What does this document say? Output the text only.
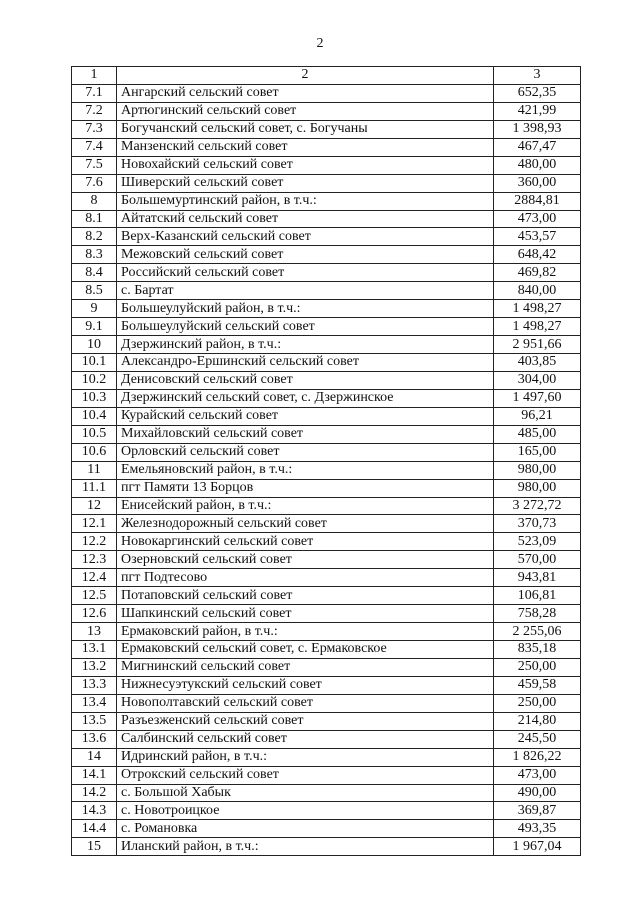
2
1	2	3
7.1	Ангарский сельский совет	652,35
7.2	Артюгинский сельский совет	421,99
7.3	Богучанский сельский совет, с. Богучаны	1 398,93
7.4	Манзенский сельский совет	467,47
7.5	Новохайский сельский совет	480,00
7.6	Шиверский сельский совет	360,00
8	Большемуртинский район, в т.ч.:	2884,81
8.1	Айтатский сельский совет	473,00
8.2	Верх-Казанский сельский совет	453,57
8.3	Межовский сельский совет	648,42
8.4	Российский сельский совет	469,82
8.5	с. Бартат	840,00
9	Большеулуйский район, в т.ч.:	1 498,27
9.1	Большеулуйский сельский совет	1 498,27
10	Дзержинский район, в т.ч.:	2 951,66
10.1	Александро-Ершинский сельский совет	403,85
10.2	Денисовский сельский совет	304,00
10.3	Дзержинский сельский совет, с. Дзержинское	1 497,60
10.4	Курайский сельский совет	96,21
10.5	Михайловский сельский совет	485,00
10.6	Орловский сельский совет	165,00
11	Емельяновский район, в т.ч.:	980,00
11.1	пгт Памяти 13 Борцов	980,00
12	Енисейский район, в т.ч.:	3 272,72
12.1	Железнодорожный сельский совет	370,73
12.2	Новокаргинский сельский совет	523,09
12.3	Озерновский сельский совет	570,00
12.4	пгт Подтесово	943,81
12.5	Потаповский сельский совет	106,81
12.6	Шапкинский сельский совет	758,28
13	Ермаковский район, в т.ч.:	2 255,06
13.1	Ермаковский сельский совет, с. Ермаковское	835,18
13.2	Мигнинский сельский совет	250,00
13.3	Нижнесуэтукский сельский совет	459,58
13.4	Новополтавский сельский совет	250,00
13.5	Разъезженский сельский совет	214,80
13.6	Салбинский сельский совет	245,50
14	Идринский район, в т.ч.:	1 826,22
14.1	Отрокский сельский совет	473,00
14.2	с. Большой Хабык	490,00
14.3	с. Новотроицкое	369,87
14.4	с. Романовка	493,35
15	Иланский район, в т.ч.:	1 967,04
